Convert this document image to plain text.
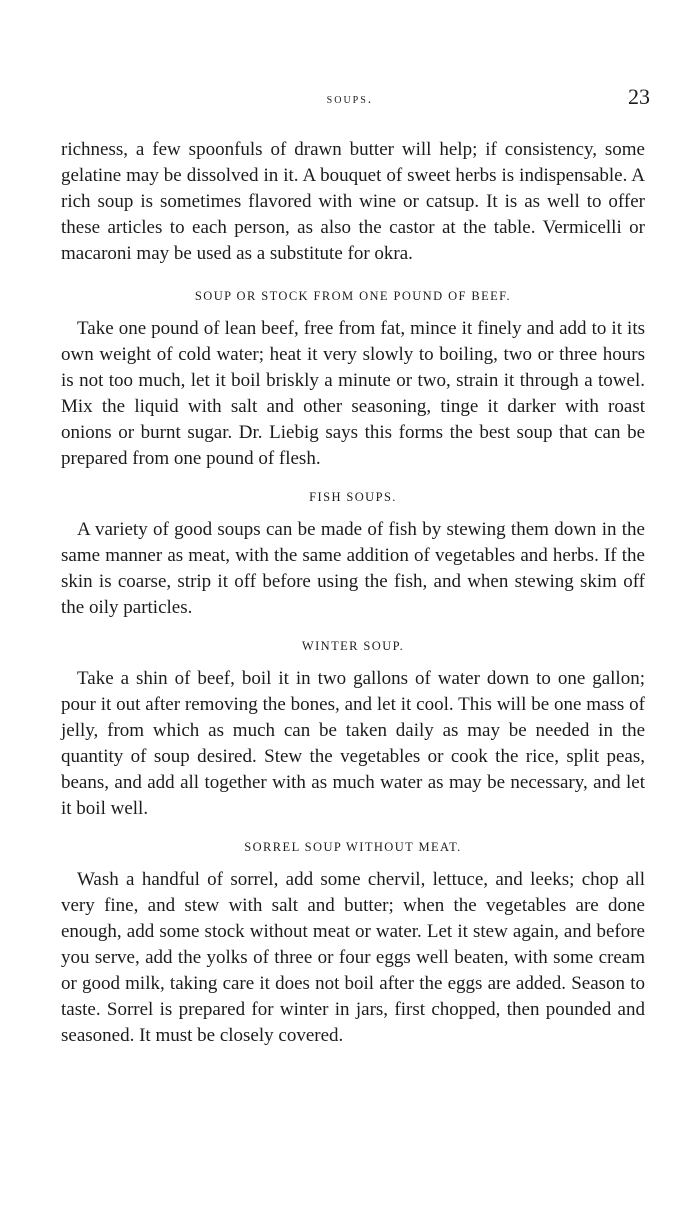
soups.	23

richness, a few spoonfuls of drawn butter will help; if consistency, some gelatine may be dissolved in it. A bouquet of sweet herbs is indispensable. A rich soup is sometimes flavored with wine or catsup. It is as well to offer these articles to each person, as also the castor at the table. Vermicelli or macaroni may be used as a substitute for okra.

SOUP OR STOCK FROM ONE POUND OF BEEF.

Take one pound of lean beef, free from fat, mince it finely and add to it its own weight of cold water; heat it very slowly to boiling, two or three hours is not too much, let it boil briskly a minute or two, strain it through a towel. Mix the liquid with salt and other seasoning, tinge it darker with roast onions or burnt sugar. Dr. Liebig says this forms the best soup that can be prepared from one pound of flesh.

FISH SOUPS.

A variety of good soups can be made of fish by stewing them down in the same manner as meat, with the same addition of vegetables and herbs. If the skin is coarse, strip it off before using the fish, and when stewing skim off the oily particles.

WINTER SOUP.

Take a shin of beef, boil it in two gallons of water down to one gallon; pour it out after removing the bones, and let it cool. This will be one mass of jelly, from which as much can be taken daily as may be needed in the quantity of soup desired. Stew the vegetables or cook the rice, split peas, beans, and add all together with as much water as may be necessary, and let it boil well.

SORREL SOUP WITHOUT MEAT.

Wash a handful of sorrel, add some chervil, lettuce, and leeks; chop all very fine, and stew with salt and butter; when the vegetables are done enough, add some stock without meat or water. Let it stew again, and before you serve, add the yolks of three or four eggs well beaten, with some cream or good milk, taking care it does not boil after the eggs are added. Season to taste. Sorrel is prepared for winter in jars, first chopped, then pounded and seasoned. It must be closely covered.
